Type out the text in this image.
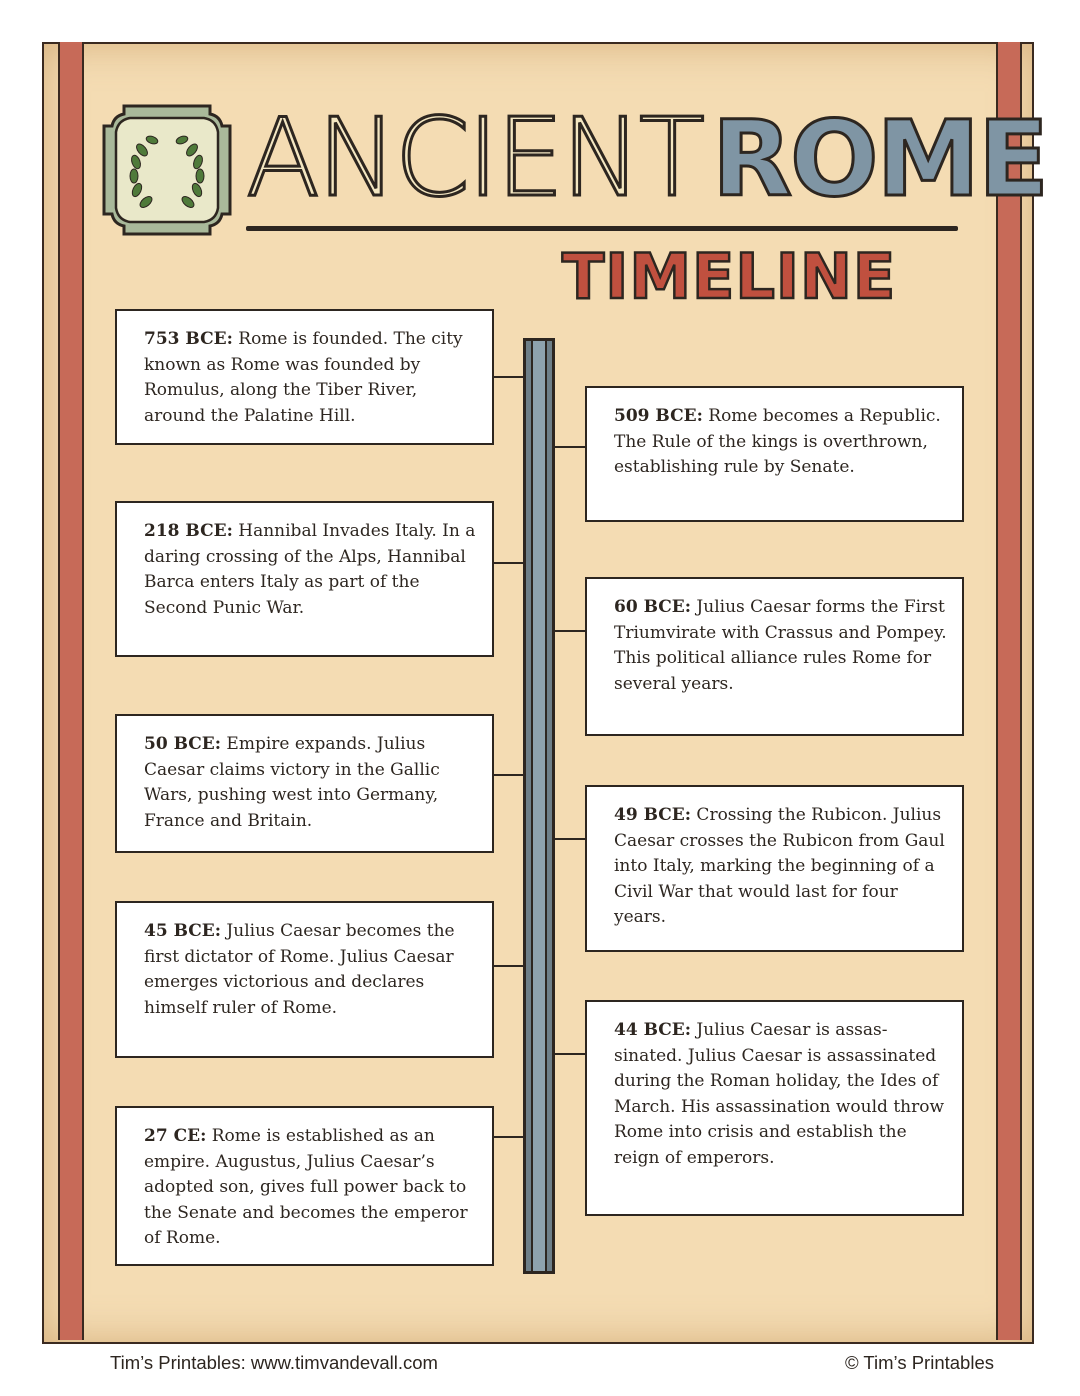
ANCIENT ROME
TIMELINE
753 BCE: Rome is founded. The city known as Rome was founded by Romulus, along the Tiber River, around the Palatine Hill.
218 BCE: Hannibal Invades Italy. In a daring crossing of the Alps, Hannibal Barca enters Italy as part of the Second Punic War.
50 BCE: Empire expands. Julius Caesar claims victory in the Gallic Wars, pushing west into Germany, France and Britain.
45 BCE: Julius Caesar becomes the first dictator of Rome. Julius Caesar emerges victorious and declares himself ruler of Rome.
27 CE: Rome is established as an empire. Augustus, Julius Caesar’s adopted son, gives full power back to the Senate and becomes the emperor of Rome.
509 BCE: Rome becomes a Republic. The Rule of the kings is overthrown, establishing rule by Senate.
60 BCE: Julius Caesar forms the First Triumvirate with Crassus and Pompey. This political alliance rules Rome for several years.
49 BCE: Crossing the Rubicon. Julius Caesar crosses the Rubicon from Gaul into Italy, marking the beginning of a Civil War that would last for four years.
44 BCE: Julius Caesar is assassinated. Julius Caesar is assassinated during the Roman holiday, the Ides of March. His assassination would throw Rome into crisis and establish the reign of emperors.
Tim’s Printables: www.timvandevall.com	© Tim’s Printables
